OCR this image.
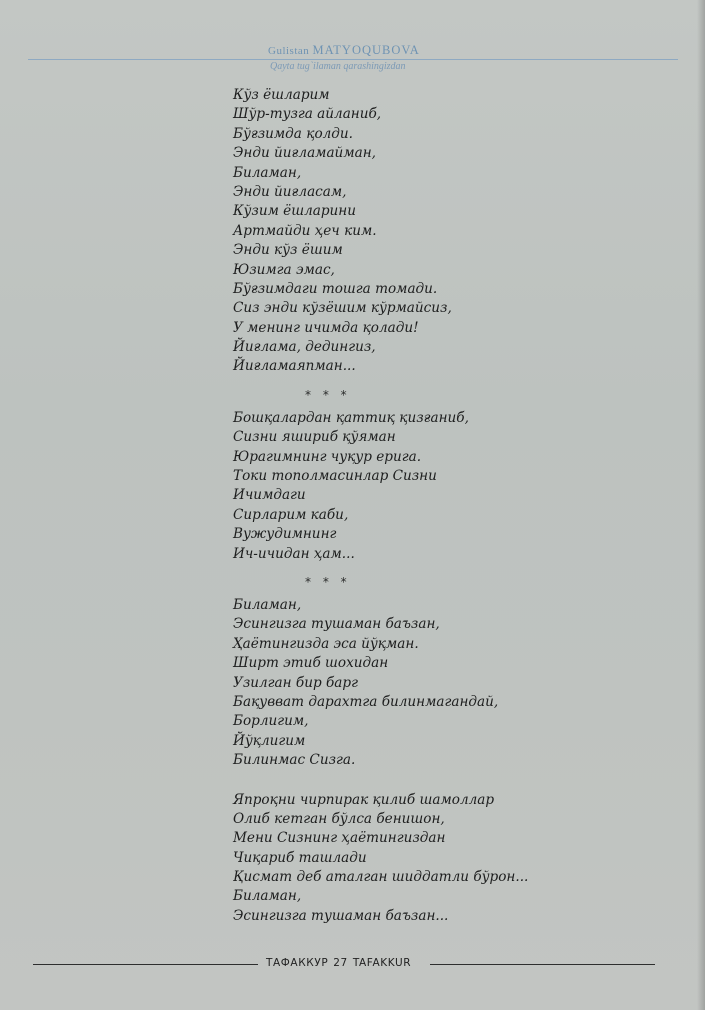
Gulistan MATYOQUBOVA
Qayta tug`ilaman qarashingizdan
Кўз ёшларим
Шўр-тузга айланиб,
Бўғзимда қолди.
Энди йиғламайман,
Биламан,
Энди йиғласам,
Кўзим ёшларини
Артмайди ҳеч ким.
Энди кўз ёшим
Юзимга эмас,
Бўғзимдаги тошга томади.
Сиз энди кўзёшим кўрмайсиз,
У менинг ичимда қолади!
Йиғлама, дедингиз,
Йиғламаяпман...
* * *
Бошқалардан қаттиқ қизғаниб,
Сизни яшириб қўяман
Юрагимнинг чуқур ерига.
Токи тополмасинлар Сизни
Ичимдаги
Сирларим каби,
Вужудимнинг
Ич-ичидан ҳам...
* * *
Биламан,
Эсингизга тушаман баъзан,
Ҳаётингизда эса йўқман.
Ширт этиб шохидан
Узилган бир барг
Бақувват дарахтга билинмагандай,
Борлигим,
Йўқлигим
Билинмас Сизга.
Япроқни чирпирак қилиб шамоллар
Олиб кетган бўлса бенишон,
Мени Сизнинг ҳаётингиздан
Чиқариб ташлади
Қисмат деб аталган шиддатли бўрон...
Биламан,
Эсингизга тушаман баъзан...
ТАФАККУР 27 TAFAKKUR
